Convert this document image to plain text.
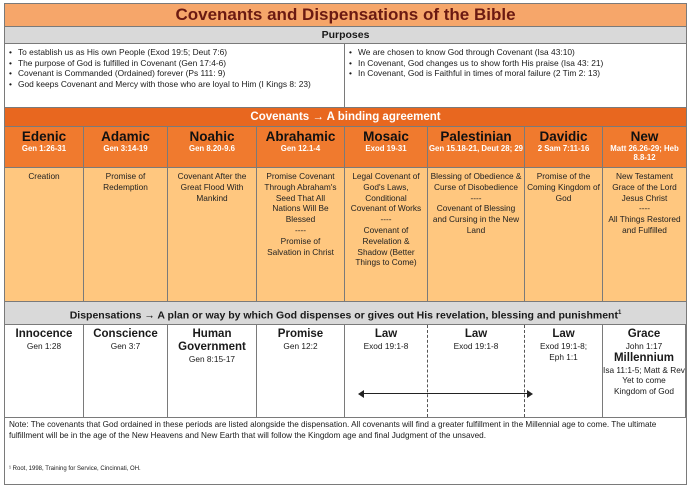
Covenants and Dispensations of the Bible
Purposes
• To establish us as His own People (Exod 19:5; Deut 7:6)
• The purpose of God is fulfilled in Covenant (Gen 17:4-6)
• Covenant is Commanded (Ordained) forever (Ps 111: 9)
• God keeps Covenant and Mercy with those who are loyal to Him (I Kings 8: 23)
• We are chosen to know God through Covenant (Isa 43:10)
• In Covenant, God changes us to show forth His praise (Isa 43: 21)
• In Covenant, God is Faithful in times of moral failure (2 Tim 2: 13)
Covenants → A binding agreement
Edenic
Gen 1:26-31
Adamic
Gen 3:14-19
Noahic
Gen 8.20-9.6
Abrahamic
Gen 12.1-4
Mosaic
Exod 19-31
Palestinian
Gen 15.18-21, Deut 28; 29
Davidic
2 Sam 7:11-16
New
Matt 26.26-29; Heb 8.8-12
Creation	Promise of Redemption
Covenant After the Great Flood With Mankind
Promise Covenant Through Abraham's Seed That All Nations Will Be Blessed
----
Promise of Salvation in Christ
Legal Covenant of God's Laws, Conditional Covenant of Works
----
Covenant of Revelation & Shadow (Better Things to Come)
Blessing of Obedience & Curse of Disobedience
----
Covenant of Blessing and Cursing in the New Land
Promise of the Coming Kingdom of God
New Testament Grace of the Lord Jesus Christ
----
All Things Restored and Fulfilled
Dispensations → A plan or way by which God dispenses or gives out His revelation, blessing and punishment$^1$
Innocence
Gen 1:28
Conscience
Gen 3:7
Human Government
Gen 8:15-17
Promise
Gen 12:2
Law
Exod 19:1-8
Law
Exod 19:1-8
Law
Exod 19:1-8; Eph 1:1
Grace
John 1:17
Millennium
Isa 11:1-5; Matt & Rev
Yet to come Kingdom of God
Note: The covenants that God ordained in these periods are listed alongside the dispensation. All covenants will find a greater fulfillment in the Millennial age to come. The ultimate fulfillment will be in the age of the New Heavens and New Earth that will follow the Kingdom age and final Judgment of the unsaved.
¹ Root, 1998, Training for Service, Cincinnati, OH.
